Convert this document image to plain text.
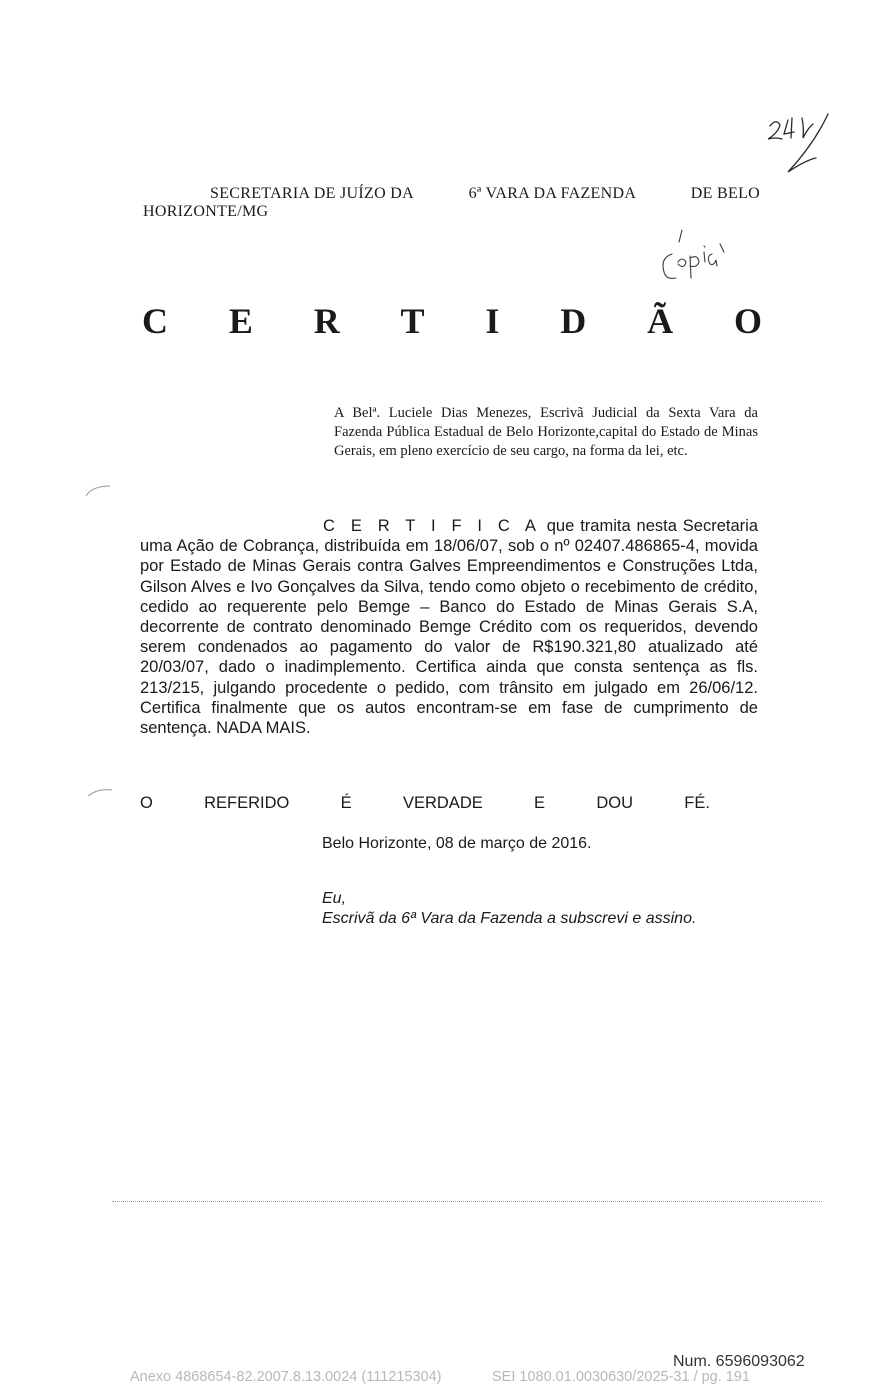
SECRETARIA DE JUÍZO DA	6ª VARA DA FAZENDA	DE BELO
HORIZONTE/MG
C E R T I D Ã O
A Belª. Luciele Dias Menezes, Escrivã Judicial da Sexta Vara da Fazenda Pública Estadual de Belo Horizonte,capital do Estado de Minas Gerais, em pleno exercício de seu cargo, na forma da lei, etc.
C E R T I F I C A que tramita nesta Secretaria uma Ação de Cobrança, distribuída em 18/06/07, sob o nº 02407.486865-4, movida por Estado de Minas Gerais contra Galves Empreendimentos e Construções Ltda, Gilson Alves e Ivo Gonçalves da Silva, tendo como objeto o recebimento de crédito, cedido ao requerente pelo Bemge – Banco do Estado de Minas Gerais S.A, decorrente de contrato denominado Bemge Crédito com os requeridos, devendo serem condenados ao pagamento do valor de R$190.321,80 atualizado até 20/03/07, dado o inadimplemento. Certifica ainda que consta sentença as fls. 213/215, julgando procedente o pedido, com trânsito em julgado em 26/06/12. Certifica finalmente que os autos encontram-se em fase de cumprimento de sentença. NADA MAIS.
O	REFERIDO	É	VERDADE	E	DOU	FÉ.
Belo Horizonte, 08 de março de 2016.
Eu,
Escrivã da 6ª Vara da Fazenda a subscrevi e assino.
Num. 6596093062
Anexo 4868654-82.2007.8.13.0024 (111215304)	SEI 1080.01.0030630/2025-31 / pg. 191
